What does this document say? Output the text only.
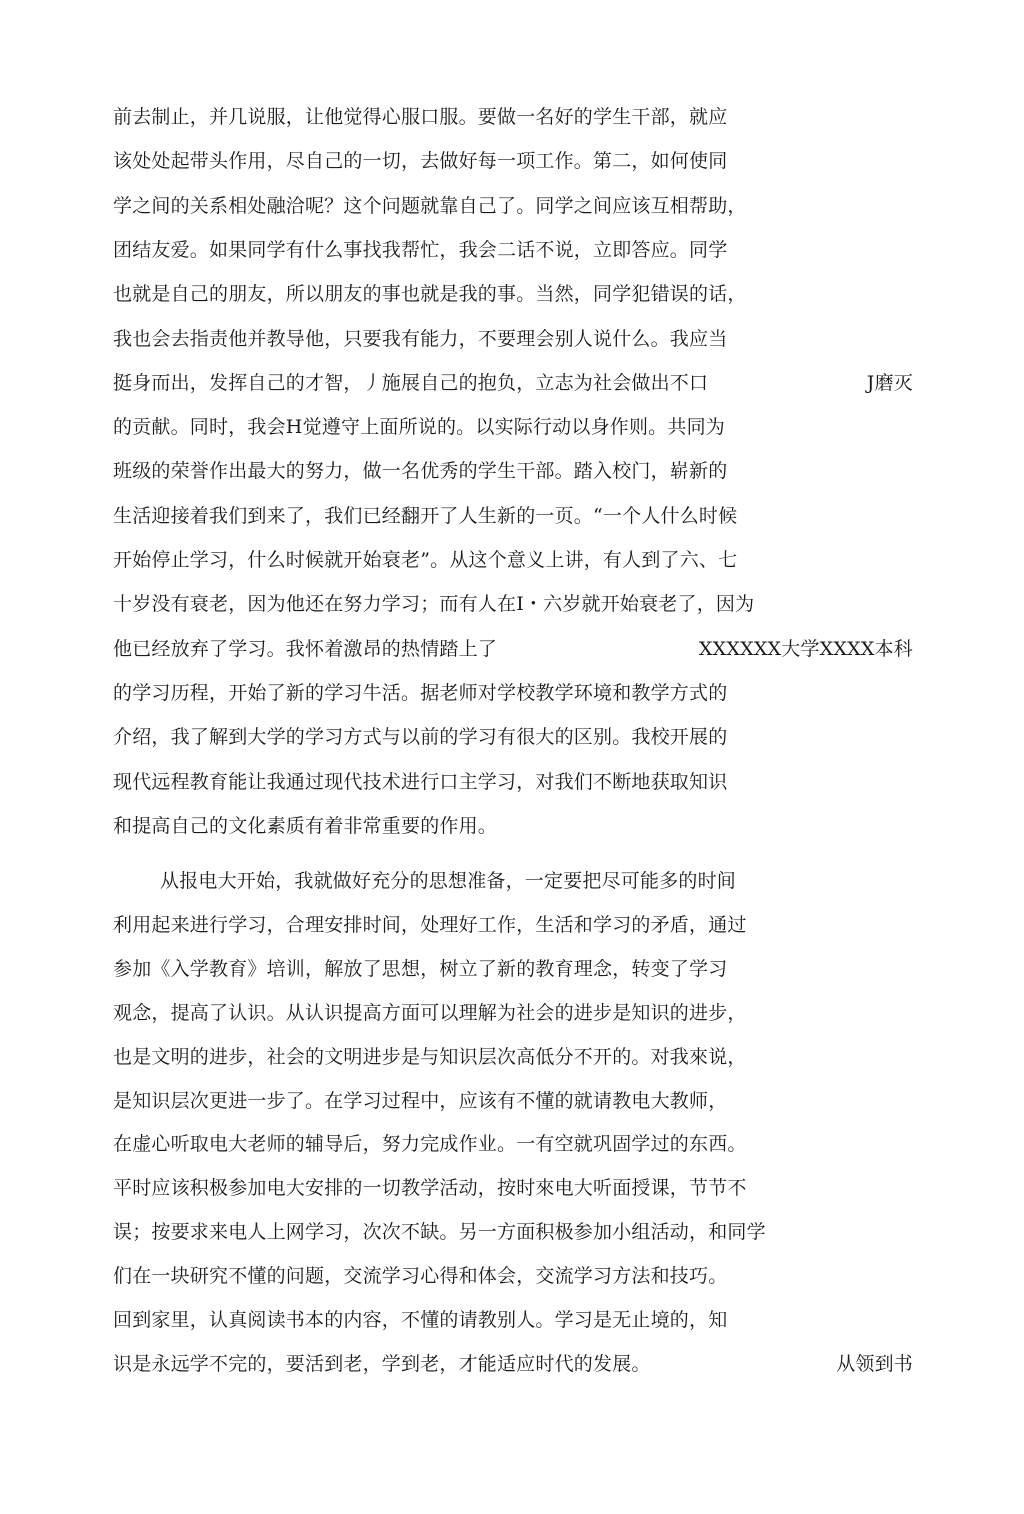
前去制止，并几说服，让他觉得心服口服。要做一名好的学生干部，就应
该处处起带头作用，尽自己的一切，去做好每一项工作。第二，如何使同
学之间的关系相处融洽呢？这个问题就靠自己了。同学之间应该互相帮助，
团结友爱。如果同学有什么事找我帮忙，我会二话不说，立即答应。同学
也就是自己的朋友，所以朋友的事也就是我的事。当然，同学犯错误的话，
我也会去指责他并教导他，只要我有能力，不要理会别人说什么。我应当
挺身而出，发挥自己的才智，丿施展自己的抱负，立志为社会做出不口	J磨灭
的贡献。同时，我会H觉遵守上面所说的。以实际行动以身作则。共同为
班级的荣誉作出最大的努力，做一名优秀的学生干部。踏入校门，崭新的
生活迎接着我们到来了，我们已经翻开了人生新的一页。“一个人什么时候
开始停止学习，什么时候就开始衰老”。从这个意义上讲，有人到了六、七
十岁没有衰老，因为他还在努力学习；而有人在I・六岁就开始衰老了，因为
他已经放弃了学习。我怀着激昂的热情踏上了	XXXXXX大学XXXX本科
的学习历程，开始了新的学习牛活。据老师对学校教学环境和教学方式的
介绍，我了解到大学的学习方式与以前的学习有很大的区别。我校开展的
现代远程教育能让我通过现代技术进行口主学习，对我们不断地获取知识
和提高自己的文化素质有着非常重要的作用。
从报电大开始，我就做好充分的思想准备，一定要把尽可能多的时间
利用起来进行学习，合理安排时间，处理好工作，生活和学习的矛盾，通过
参加《入学教育》培训，解放了思想，树立了新的教育理念，转变了学习
观念，提高了认识。从认识提高方面可以理解为社会的进步是知识的进步，
也是文明的进步，社会的文明进步是与知识层次高低分不开的。对我來说，
是知识层次更进一步了。在学习过程中，应该有不懂的就请教电大教师，
在虚心听取电大老师的辅导后，努力完成作业。一有空就巩固学过的东西。
平时应该积极参加电大安排的一切教学活动，按时來电大听面授课，节节不
误；按要求来电人上网学习，次次不缺。另一方面积极参加小组活动，和同学
们在一块研究不懂的问题，交流学习心得和体会，交流学习方法和技巧。
回到家里，认真阅读书本的内容，不懂的请教别人。学习是无止境的，知
识是永远学不完的，要活到老，学到老，才能适应时代的发展。	从领到书
